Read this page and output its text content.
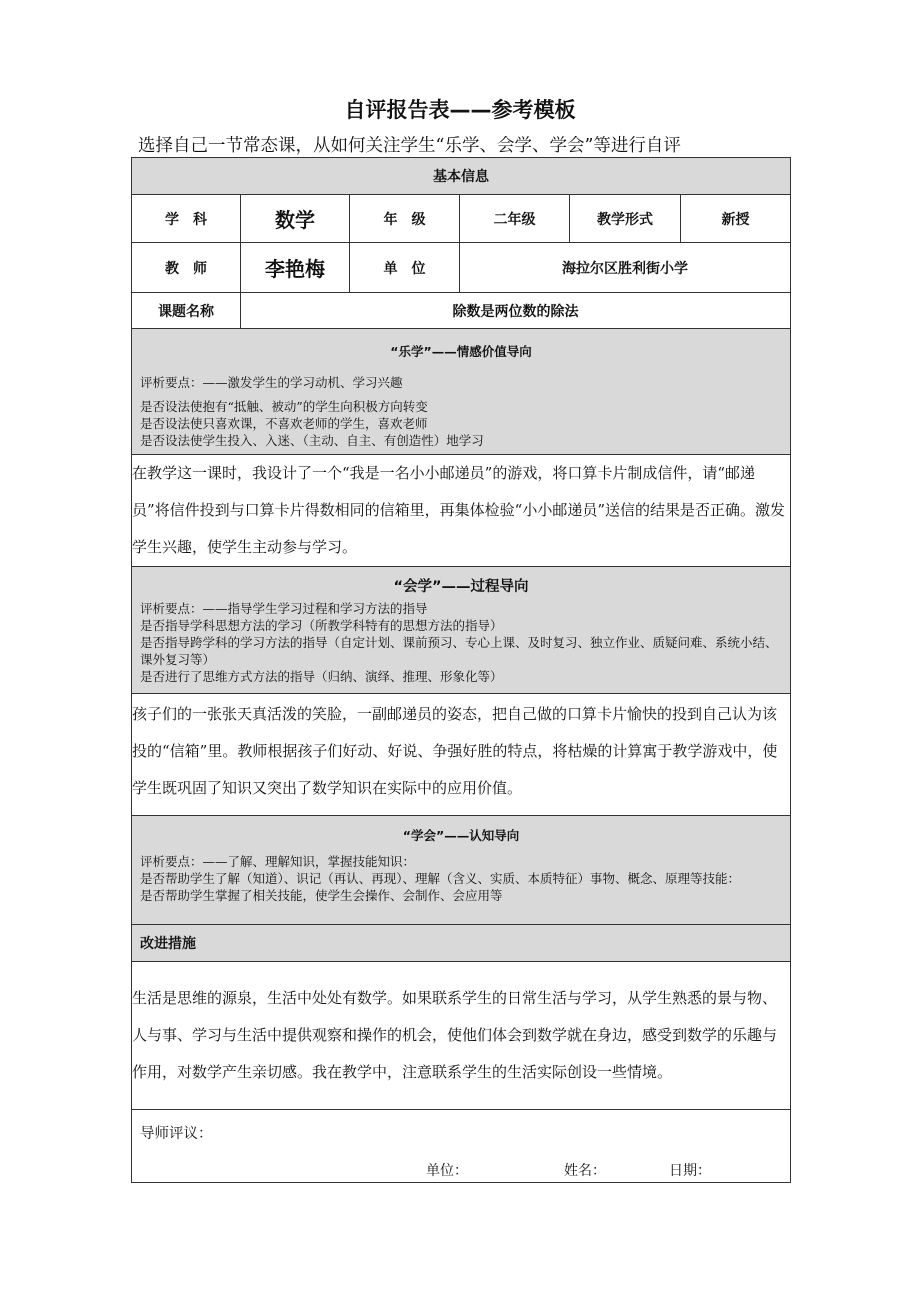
自评报告表——参考模板
选择自己一节常态课，从如何关注学生“乐学、会学、学会”等进行自评
基本信息					
学　科	数学	年　级	二年级	教学形式	新授
教　师	李艳梅	单　位	海拉尔区胜利街小学		
课题名称	除数是两位数的除法				

“乐学”——情感价值导向
评析要点：——激发学生的学习动机、学习兴趣
是否设法使抱有“抵触、被动”的学生向积极方向转变
是否设法使只喜欢课，不喜欢老师的学生，喜欢老师
是否设法使学生投入、入迷、（主动、自主、有创造性）地学习					

在教学这一课时，我设计了一个“我是一名小小邮递员”的游戏，将口算卡片制成信件，请“邮递员”将信件投到与口算卡片得数相同的信箱里，再集体检验“小小邮递员”送信的结果是否正确。激发学生兴趣，使学生主动参与学习。					

“会学”——过程导向
评析要点：——指导学生学习过程和学习方法的指导
是否指导学科思想方法的学习（所教学科特有的思想方法的指导）
是否指导跨学科的学习方法的指导（自定计划、课前预习、专心上课、及时复习、独立作业、质疑问难、系统小结、课外复习等）
是否进行了思维方式方法的指导（归纳、演绎、推理、形象化等）					

孩子们的一张张天真活泼的笑脸，一副邮递员的姿态，把自己做的口算卡片愉快的投到自己认为该投的“信箱”里。教师根据孩子们好动、好说、争强好胜的特点，将枯燥的计算寓于教学游戏中，使学生既巩固了知识又突出了数学知识在实际中的应用价值。					

“学会”——认知导向
评析要点：——了解、理解知识，掌握技能知识：
是否帮助学生了解（知道）、识记（再认、再现）、理解（含义、实质、本质特征）事物、概念、原理等技能：
是否帮助学生掌握了相关技能，使学生会操作、会制作、会应用等					

改进措施					
生活是思维的源泉，生活中处处有数学。如果联系学生的日常生活与学习，从学生熟悉的景与物、人与事、学习与生活中提供观察和操作的机会，使他们体会到数学就在身边，感受到数学的乐趣与作用，对数学产生亲切感。我在教学中，注意联系学生的生活实际创设一些情境。					

导师评议：
单位： 姓名： 日期：					
